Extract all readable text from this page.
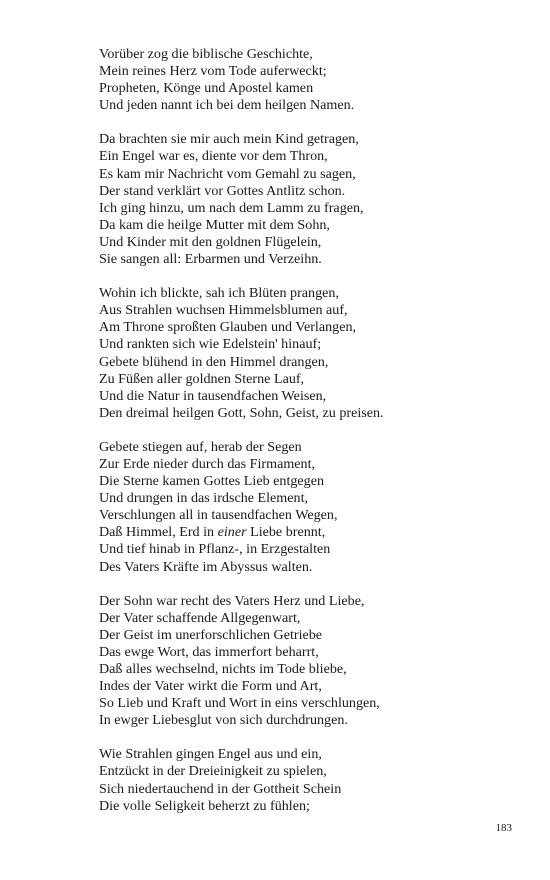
Vorüber zog die biblische Geschichte,
Mein reines Herz vom Tode auferweckt;
Propheten, Könge und Apostel kamen
Und jeden nannt ich bei dem heilgen Namen.
Da brachten sie mir auch mein Kind getragen,
Ein Engel war es, diente vor dem Thron,
Es kam mir Nachricht vom Gemahl zu sagen,
Der stand verklärt vor Gottes Antlitz schon.
Ich ging hinzu, um nach dem Lamm zu fragen,
Da kam die heilge Mutter mit dem Sohn,
Und Kinder mit den goldnen Flügelein,
Sie sangen all: Erbarmen und Verzeihn.
Wohin ich blickte, sah ich Blüten prangen,
Aus Strahlen wuchsen Himmelsblumen auf,
Am Throne sproßten Glauben und Verlangen,
Und rankten sich wie Edelstein' hinauf;
Gebete blühend in den Himmel drangen,
Zu Füßen aller goldnen Sterne Lauf,
Und die Natur in tausendfachen Weisen,
Den dreimal heilgen Gott, Sohn, Geist, zu preisen.
Gebete stiegen auf, herab der Segen
Zur Erde nieder durch das Firmament,
Die Sterne kamen Gottes Lieb entgegen
Und drungen in das irdsche Element,
Verschlungen all in tausendfachen Wegen,
Daß Himmel, Erd in einer Liebe brennt,
Und tief hinab in Pflanz-, in Erzgestalten
Des Vaters Kräfte im Abyssus walten.
Der Sohn war recht des Vaters Herz und Liebe,
Der Vater schaffende Allgegenwart,
Der Geist im unerforschlichen Getriebe
Das ewge Wort, das immerfort beharrt,
Daß alles wechselnd, nichts im Tode bliebe,
Indes der Vater wirkt die Form und Art,
So Lieb und Kraft und Wort in eins verschlungen,
In ewger Liebesglut von sich durchdrungen.
Wie Strahlen gingen Engel aus und ein,
Entzückt in der Dreieinigkeit zu spielen,
Sich niedertauchend in der Gottheit Schein
Die volle Seligkeit beherzt zu fühlen;
183
